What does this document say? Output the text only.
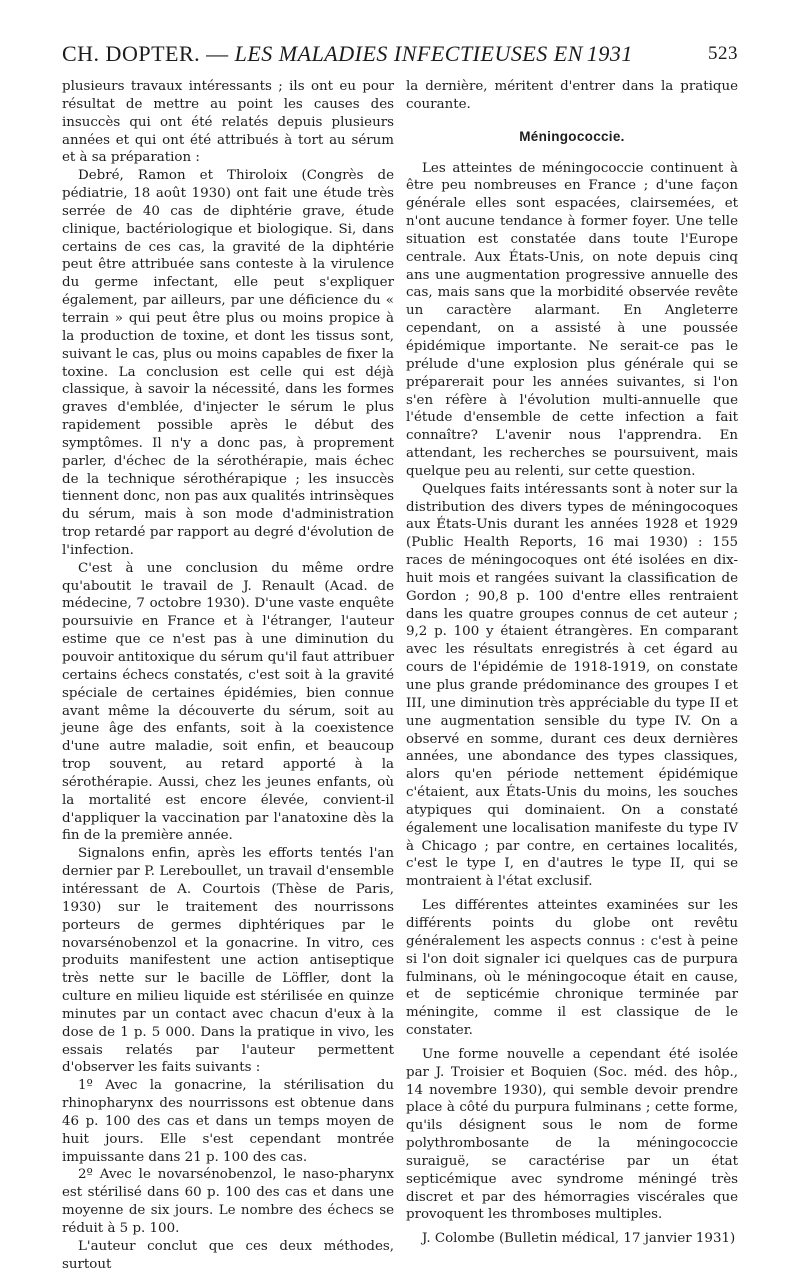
CH. DOPTER. — LES MALADIES INFECTIEUSES EN 1931	523

plusieurs travaux intéressants ; ils ont eu pour résultat de mettre au point les causes des insuccès qui ont été relatés depuis plusieurs années et qui ont été attribués à tort au sérum et à sa préparation :

Debré, Ramon et Thiroloix (Congrès de pédiatrie, 18 août 1930) ont fait une étude très serrée de 40 cas de diphtérie grave, étude clinique, bactériologique et biologique. Si, dans certains de ces cas, la gravité de la diphtérie peut être attribuée sans conteste à la virulence du germe infectant, elle peut s'expliquer également, par ailleurs, par une déficience du « terrain » qui peut être plus ou moins propice à la production de toxine, et dont les tissus sont, suivant le cas, plus ou moins capables de fixer la toxine. La conclusion est celle qui est déjà classique, à savoir la nécessité, dans les formes graves d'emblée, d'injecter le sérum le plus rapidement possible après le début des symptômes. Il n'y a donc pas, à proprement parler, d'échec de la sérothérapie, mais échec de la technique sérothérapique ; les insuccès tiennent donc, non pas aux qualités intrinsèques du sérum, mais à son mode d'administration trop retardé par rapport au degré d'évolution de l'infection.

C'est à une conclusion du même ordre qu'aboutit le travail de J. Renault (Acad. de médecine, 7 octobre 1930). D'une vaste enquête poursuivie en France et à l'étranger, l'auteur estime que ce n'est pas à une diminution du pouvoir antitoxique du sérum qu'il faut attribuer certains échecs constatés, c'est soit à la gravité spéciale de certaines épidémies, bien connue avant même la découverte du sérum, soit au jeune âge des enfants, soit à la coexistence d'une autre maladie, soit enfin, et beaucoup trop souvent, au retard apporté à la sérothérapie. Aussi, chez les jeunes enfants, où la mortalité est encore élevée, convient-il d'appliquer la vaccination par l'anatoxine dès la fin de la première année.

Signalons enfin, après les efforts tentés l'an dernier par P. Lereboullet, un travail d'ensemble intéressant de A. Courtois (Thèse de Paris, 1930) sur le traitement des nourrissons porteurs de germes diphtériques par le novarsénobenzol et la gonacrine. In vitro, ces produits manifestent une action antiseptique très nette sur le bacille de Löffler, dont la culture en milieu liquide est stérilisée en quinze minutes par un contact avec chacun d'eux à la dose de 1 p. 5 000. Dans la pratique in vivo, les essais relatés par l'auteur permettent d'observer les faits suivants :

1º Avec la gonacrine, la stérilisation du rhinopharynx des nourrissons est obtenue dans 46 p. 100 des cas et dans un temps moyen de huit jours. Elle s'est cependant montrée impuissante dans 21 p. 100 des cas.

2º Avec le novarsénobenzol, le naso-pharynx est stérilisé dans 60 p. 100 des cas et dans une moyenne de six jours. Le nombre des échecs se réduit à 5 p. 100.

L'auteur conclut que ces deux méthodes, surtout

la dernière, méritent d'entrer dans la pratique courante.

Méningococcie.

Les atteintes de méningococcie continuent à être peu nombreuses en France ; d'une façon générale elles sont espacées, clairsemées, et n'ont aucune tendance à former foyer. Une telle situation est constatée dans toute l'Europe centrale. Aux États-Unis, on note depuis cinq ans une augmentation progressive annuelle des cas, mais sans que la morbidité observée revête un caractère alarmant. En Angleterre cependant, on a assisté à une poussée épidémique importante. Ne serait-ce pas le prélude d'une explosion plus générale qui se préparerait pour les années suivantes, si l'on s'en réfère à l'évolution multi-annuelle que l'étude d'ensemble de cette infection a fait connaître? L'avenir nous l'apprendra. En attendant, les recherches se poursuivent, mais quelque peu au relenti, sur cette question.

Quelques faits intéressants sont à noter sur la distribution des divers types de méningocoques aux États-Unis durant les années 1928 et 1929 (Public Health Reports, 16 mai 1930) : 155 races de méningocoques ont été isolées en dix-huit mois et rangées suivant la classification de Gordon ; 90,8 p. 100 d'entre elles rentraient dans les quatre groupes connus de cet auteur ; 9,2 p. 100 y étaient étrangères. En comparant avec les résultats enregistrés à cet égard au cours de l'épidémie de 1918-1919, on constate une plus grande prédominance des groupes I et III, une diminution très appréciable du type II et une augmentation sensible du type IV. On a observé en somme, durant ces deux dernières années, une abondance des types classiques, alors qu'en période nettement épidémique c'étaient, aux États-Unis du moins, les souches atypiques qui dominaient. On a constaté également une localisation manifeste du type IV à Chicago ; par contre, en certaines localités, c'est le type I, en d'autres le type II, qui se montraient à l'état exclusif.

Les différentes atteintes examinées sur les différents points du globe ont revêtu généralement les aspects connus : c'est à peine si l'on doit signaler ici quelques cas de purpura fulminans, où le méningocoque était en cause, et de septicémie chronique terminée par méningite, comme il est classique de le constater.

Une forme nouvelle a cependant été isolée par J. Troisier et Boquien (Soc. méd. des hôp., 14 novembre 1930), qui semble devoir prendre place à côté du purpura fulminans ; cette forme, qu'ils désignent sous le nom de forme polythrombosante de la méningococcie suraiguë, se caractérise par un état septicémique avec syndrome méningé très discret et par des hémorragies viscérales que provoquent les thromboses multiples.

J. Colombe (Bulletin médical, 17 janvier 1931)
